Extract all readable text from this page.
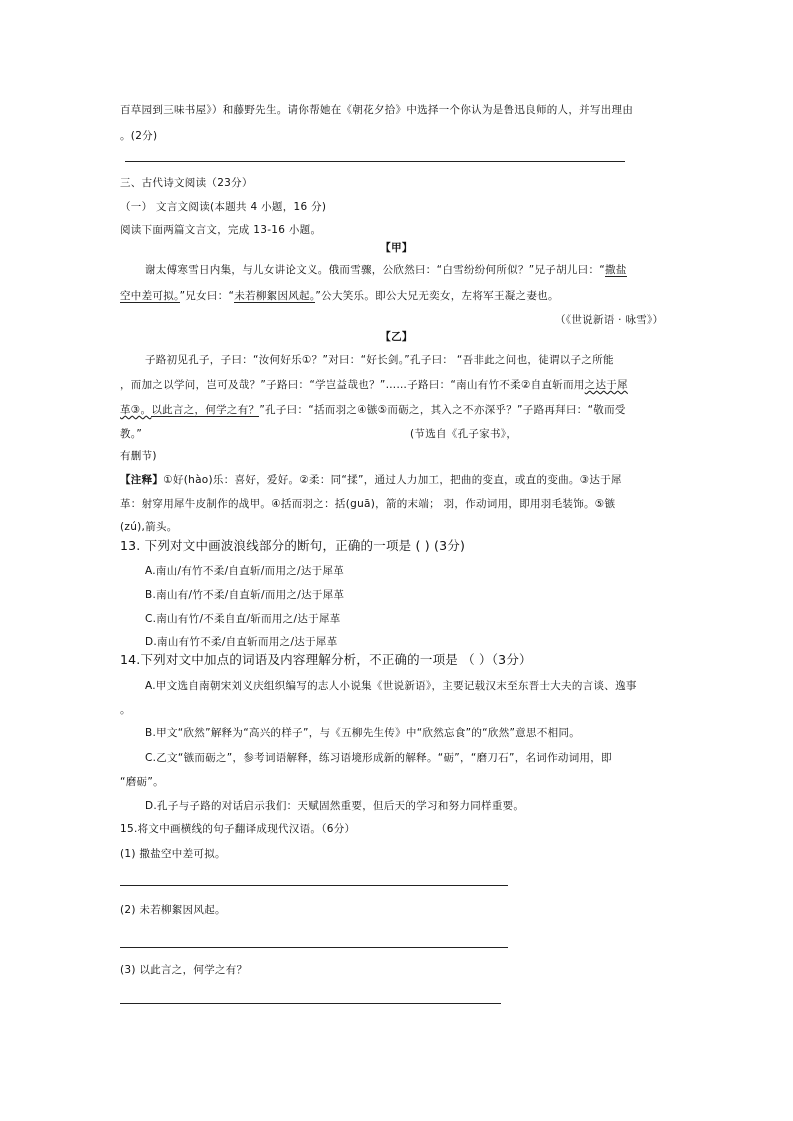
百草园到三味书屋》）和藤野先生。请你帮她在《朝花夕拾》中选择一个你认为是鲁迅良师的人，并写出理由
。(2分)
三、古代诗文阅读（23分）
（一） 文言文阅读(本题共 4 小题，16 分)
阅读下面两篇文言文，完成 13-16 小题。
【甲】
谢太傅寒雪日内集，与儿女讲论文义。俄而雪骤，公欣然曰：“白雪纷纷何所似？”兄子胡儿曰：“撒盐
空中差可拟。”兄女曰：“未若柳絮因风起。”公大笑乐。即公大兄无奕女，左将军王凝之妻也。
（《世说新语 · 咏雪》）
【乙】
子路初见孔子，子曰：“汝何好乐①？”对曰：“好长剑。”孔子曰： “吾非此之问也，徒谓以子之所能
，而加之以学问，岂可及哉？”子路曰：“学岂益哉也？”……子路曰：“南山有竹不柔②自直斩而用之达于犀
革③。以此言之，何学之有？”孔子曰：“括而羽之④镞⑤而砺之，其入之不亦深乎？”子路再拜曰：“敬而受
教。”	(节选自《孔子家书》，
有删节)
【注释】①好(hào)乐：喜好，爱好。②柔：同“揉”，通过人力加工，把曲的变直，或直的变曲。③达于犀
革：射穿用犀牛皮制作的战甲。④括而羽之：括(guā)，箭的末端； 羽，作动词用，即用羽毛装饰。⑤镞
(zú),箭头。
13. 下列对文中画波浪线部分的断句，正确的一项是 ( ) (3分)
A.南山/有竹不柔/自直斩/而用之/达于犀革
B.南山有/竹不柔/自直斩/而用之/达于犀革
C.南山有竹/不柔自直/斩而用之/达于犀革
D.南山有竹不柔/自直斩而用之/达于犀革
14.下列对文中加点的词语及内容理解分析，不正确的一项是 （ ）（3分）
A.甲文选自南朝宋刘义庆组织编写的志人小说集《世说新语》，主要记载汉末至东晋士大夫的言谈、逸事
。
B.甲文“欣然”解释为“高兴的样子”，与《五柳先生传》中“欣然忘食”的“欣然”意思不相同。
C.乙文“镞而砺之”，参考词语解释，练习语境形成新的解释。“砺”，“磨刀石”，名词作动词用，即
“磨砺”。
D.孔子与子路的对话启示我们：天赋固然重要，但后天的学习和努力同样重要。
15.将文中画横线的句子翻译成现代汉语。（6分）
(1) 撒盐空中差可拟。
(2) 未若柳絮因风起。
(3) 以此言之，何学之有？
